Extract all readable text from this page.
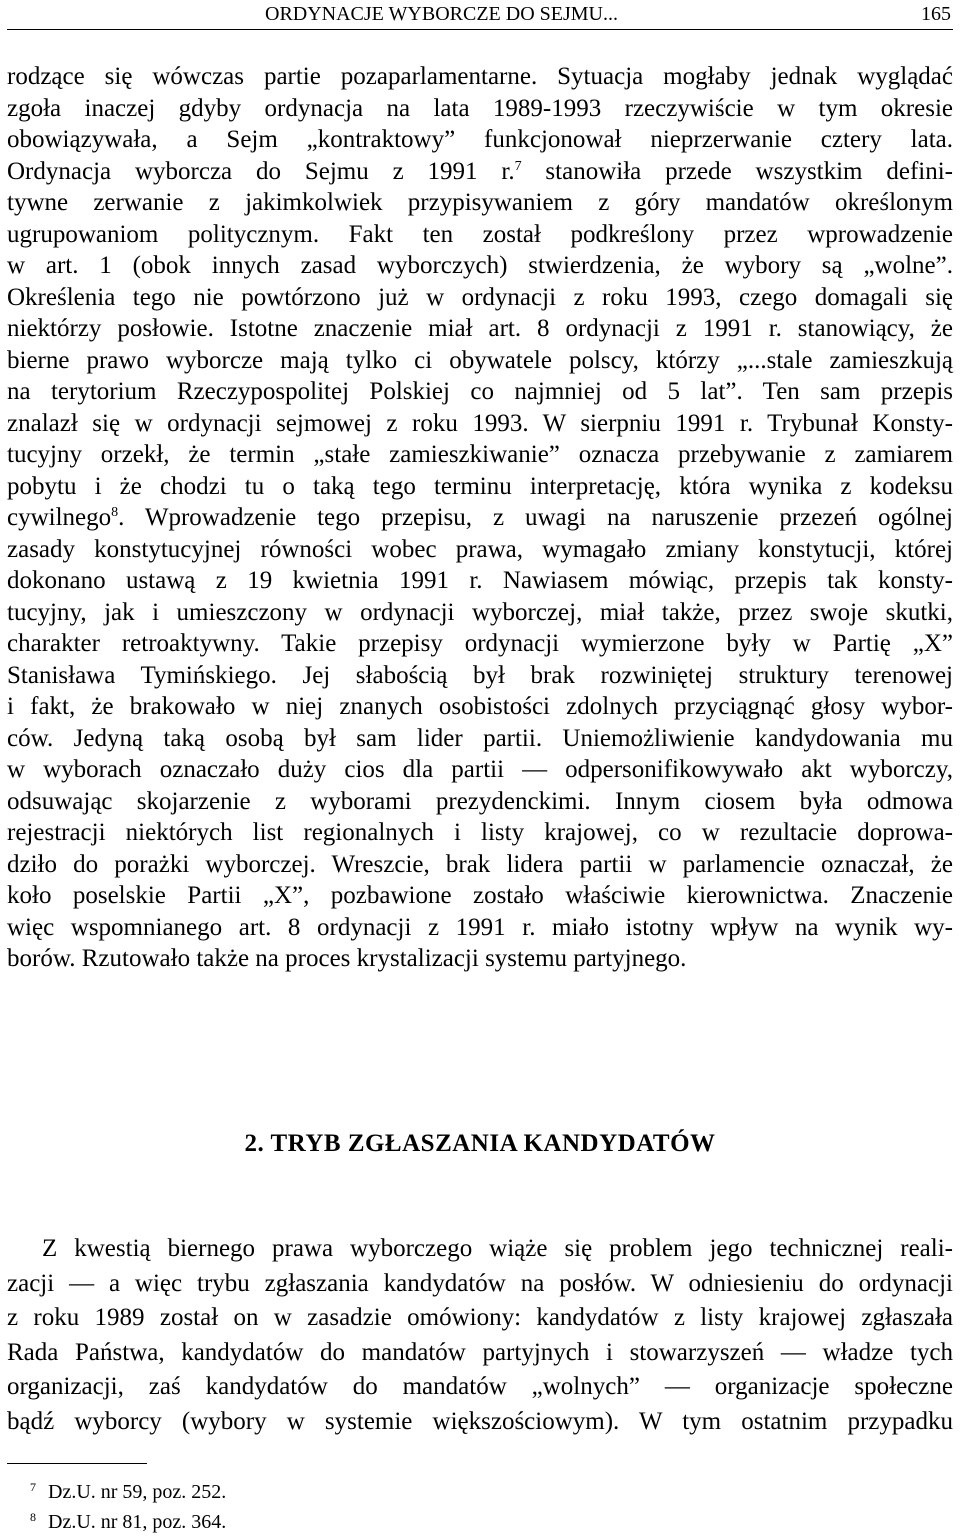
ORDYNACJE WYBORCZE DO SEJMU...	165
rodzące się wówczas partie pozaparlamentarne. Sytuacja mogłaby jednak wyglądać
zgoła inaczej gdyby ordynacja na lata 1989-1993 rzeczywiście w tym okresie
obowiązywała, a Sejm „kontraktowy” funkcjonował nieprzerwanie cztery lata.
Ordynacja wyborcza do Sejmu z 1991 r.$^7$ stanowiła przede wszystkim defini-
tywne zerwanie z jakimkolwiek przypisywaniem z góry mandatów określonym
ugrupowaniom politycznym. Fakt ten został podkreślony przez wprowadzenie
w art. 1 (obok innych zasad wyborczych) stwierdzenia, że wybory są „wolne”.
Określenia tego nie powtórzono już w ordynacji z roku 1993, czego domagali się
niektórzy posłowie. Istotne znaczenie miał art. 8 ordynacji z 1991 r. stanowiący, że
bierne prawo wyborcze mają tylko ci obywatele polscy, którzy „...stale zamieszkują
na terytorium Rzeczypospolitej Polskiej co najmniej od 5 lat”. Ten sam przepis
znalazł się w ordynacji sejmowej z roku 1993. W sierpniu 1991 r. Trybunał Konsty-
tucyjny orzekł, że termin „stałe zamieszkiwanie” oznacza przebywanie z zamiarem
pobytu i że chodzi tu o taką tego terminu interpretację, która wynika z kodeksu
cywilnego$^8$. Wprowadzenie tego przepisu, z uwagi na naruszenie przezeń ogólnej
zasady konstytucyjnej równości wobec prawa, wymagało zmiany konstytucji, której
dokonano ustawą z 19 kwietnia 1991 r. Nawiasem mówiąc, przepis tak konsty-
tucyjny, jak i umieszczony w ordynacji wyborczej, miał także, przez swoje skutki,
charakter retroaktywny. Takie przepisy ordynacji wymierzone były w Partię „X”
Stanisława Tymińskiego. Jej słabością był brak rozwiniętej struktury terenowej
i fakt, że brakowało w niej znanych osobistości zdolnych przyciągnąć głosy wybor-
ców. Jedyną taką osobą był sam lider partii. Uniemożliwienie kandydowania mu
w wyborach oznaczało duży cios dla partii — odpersonifikowywało akt wyborczy,
odsuwając skojarzenie z wyborami prezydenckimi. Innym ciosem była odmowa
rejestracji niektórych list regionalnych i listy krajowej, co w rezultacie doprowa-
dziło do porażki wyborczej. Wreszcie, brak lidera partii w parlamencie oznaczał, że
koło poselskie Partii „X”, pozbawione zostało właściwie kierownictwa. Znaczenie
więc wspomnianego art. 8 ordynacji z 1991 r. miało istotny wpływ na wynik wy-
borów. Rzutowało także na proces krystalizacji systemu partyjnego.
2. TRYB ZGŁASZANIA KANDYDATÓW
Z kwestią biernego prawa wyborczego wiąże się problem jego technicznej reali-
zacji — a więc trybu zgłaszania kandydatów na posłów. W odniesieniu do ordynacji
z roku 1989 został on w zasadzie omówiony: kandydatów z listy krajowej zgłaszała
Rada Państwa, kandydatów do mandatów partyjnych i stowarzyszeń — władze tych
organizacji, zaś kandydatów do mandatów „wolnych” — organizacje społeczne
bądź wyborcy (wybory w systemie większościowym). W tym ostatnim przypadku
$^7$ Dz.U. nr 59, poz. 252.
$^8$ Dz.U. nr 81, poz. 364.
